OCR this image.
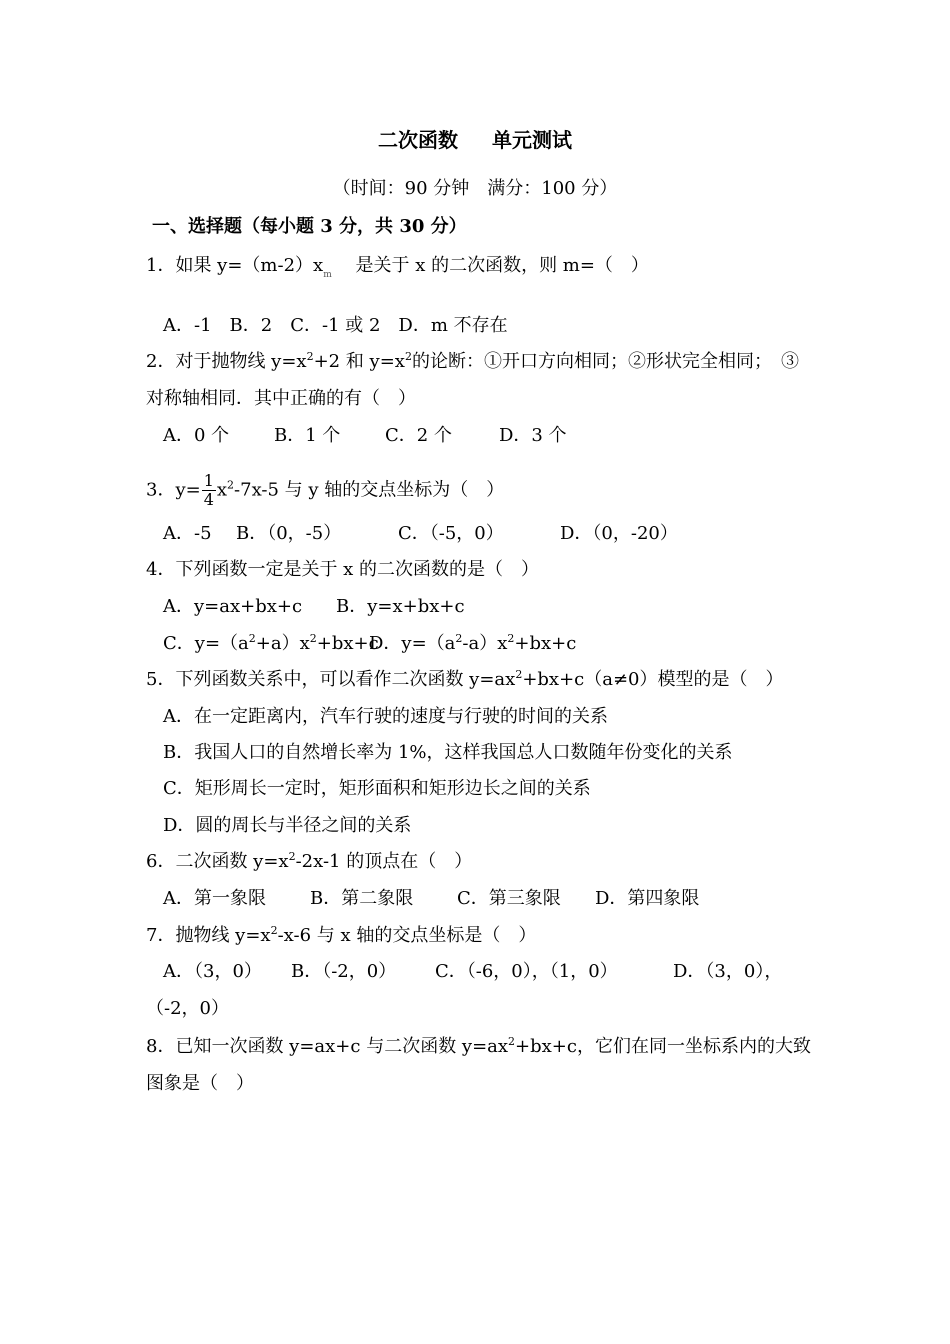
二次函数 单元测试
（时间：90 分钟　满分：100 分）
一、选择题（每小题 3 分，共 30 分）
1．如果 $y=(m-2)x_m$　 是关于 x 的二次函数，则 m=（　）
A．-1　B．2　C．-1 或 2　D．m 不存在
2．对于抛物线 $y=x^2+2$ 和 $y=x^2$的论断：①开口方向相同；②形状完全相同；　③
对称轴相同．其中正确的有（　）
A．0 个 B．1 个 C．2 个	D．3 个
3．$y= \frac{1}{4} x^2-7x-5$ 与 y 轴的交点坐标为（　）
A．-5 B．（0，-5）	C．（-5，0）	D．（0，-20）
4．下列函数一定是关于 x 的二次函数的是（　）
A．y=ax+bx+c B．y=x+bx+c
C．$y=(a^2+a)x^2+bx+cD$．$y=(a^2-a)x^2+bx+c$
5．下列函数关系中，可以看作二次函数 $y=ax^2+bx+c(a\ne 0)$模型的是（　）
A．在一定距离内，汽车行驶的速度与行驶的时间的关系
B．我国人口的自然增长率为 1%，这样我国总人口数随年份变化的关系
C．矩形周长一定时，矩形面积和矩形边长之间的关系
D．圆的周长与半径之间的关系
6．二次函数 $y=x^2-2x-1$ 的顶点在（　）
A．第一象限 B．第二象限 C．第三象限 D．第四象限
7．抛物线 $y=x^2-x-6$ 与 x 轴的交点坐标是（　）
A．（3，0） B．（-2，0） C．（-6，0），（1，0）	D．（3，0），
（-2，0）
8．已知一次函数 y=ax+c 与二次函数 $y=ax^2+bx+c$，它们在同一坐标系内的大致
图象是（　）
